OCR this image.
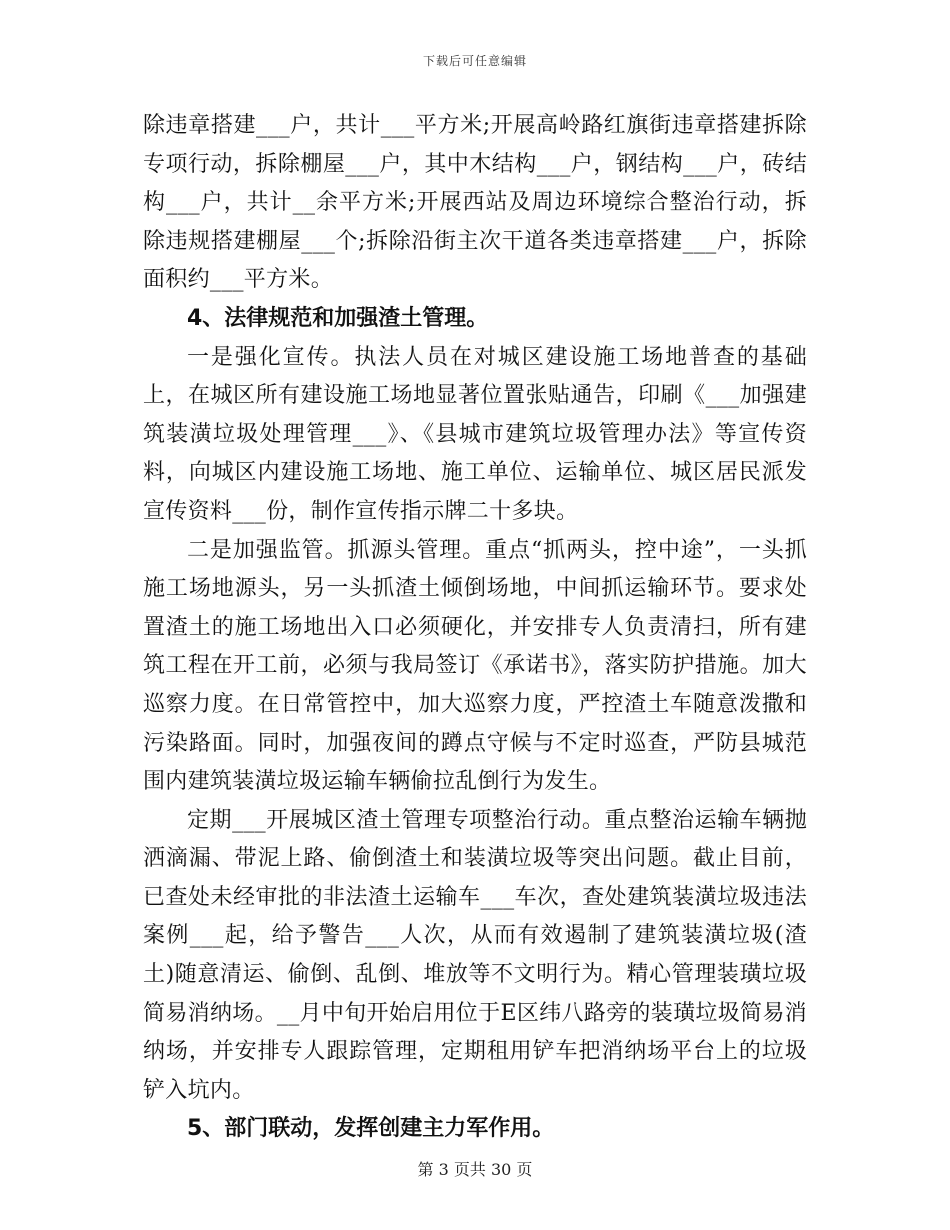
下载后可任意编辑

除违章搭建___户，共计___平方米;开展高岭路红旗街违章搭建拆除专项行动，拆除棚屋___户，其中木结构___户，钢结构___户，砖结构___户，共计__余平方米;开展西站及周边环境综合整治行动，拆除违规搭建棚屋___个;拆除沿街主次干道各类违章搭建___户，拆除面积约___平方米。

4、法律规范和加强渣土管理。

一是强化宣传。执法人员在对城区建设施工场地普查的基础上，在城区所有建设施工场地显著位置张贴通告，印刷《___加强建筑装潢垃圾处理管理___》、《县城市建筑垃圾管理办法》等宣传资料，向城区内建设施工场地、施工单位、运输单位、城区居民派发宣传资料___份，制作宣传指示牌二十多块。

二是加强监管。抓源头管理。重点“抓两头，控中途”，一头抓施工场地源头，另一头抓渣土倾倒场地，中间抓运输环节。要求处置渣土的施工场地出入口必须硬化，并安排专人负责清扫，所有建筑工程在开工前，必须与我局签订《承诺书》，落实防护措施。加大巡察力度。在日常管控中，加大巡察力度，严控渣土车随意泼撒和污染路面。同时，加强夜间的蹲点守候与不定时巡查，严防县城范围内建筑装潢垃圾运输车辆偷拉乱倒行为发生。

定期___开展城区渣土管理专项整治行动。重点整治运输车辆抛洒滴漏、带泥上路、偷倒渣土和装潢垃圾等突出问题。截止目前，已查处未经审批的非法渣土运输车___车次，查处建筑装潢垃圾违法案例___起，给予警告___人次，从而有效遏制了建筑装潢垃圾(渣土)随意清运、偷倒、乱倒、堆放等不文明行为。精心管理装璜垃圾简易消纳场。__月中旬开始启用位于E区纬八路旁的装璜垃圾简易消纳场，并安排专人跟踪管理，定期租用铲车把消纳场平台上的垃圾铲入坑内。

5、部门联动，发挥创建主力军作用。

第 3 页共 30 页
